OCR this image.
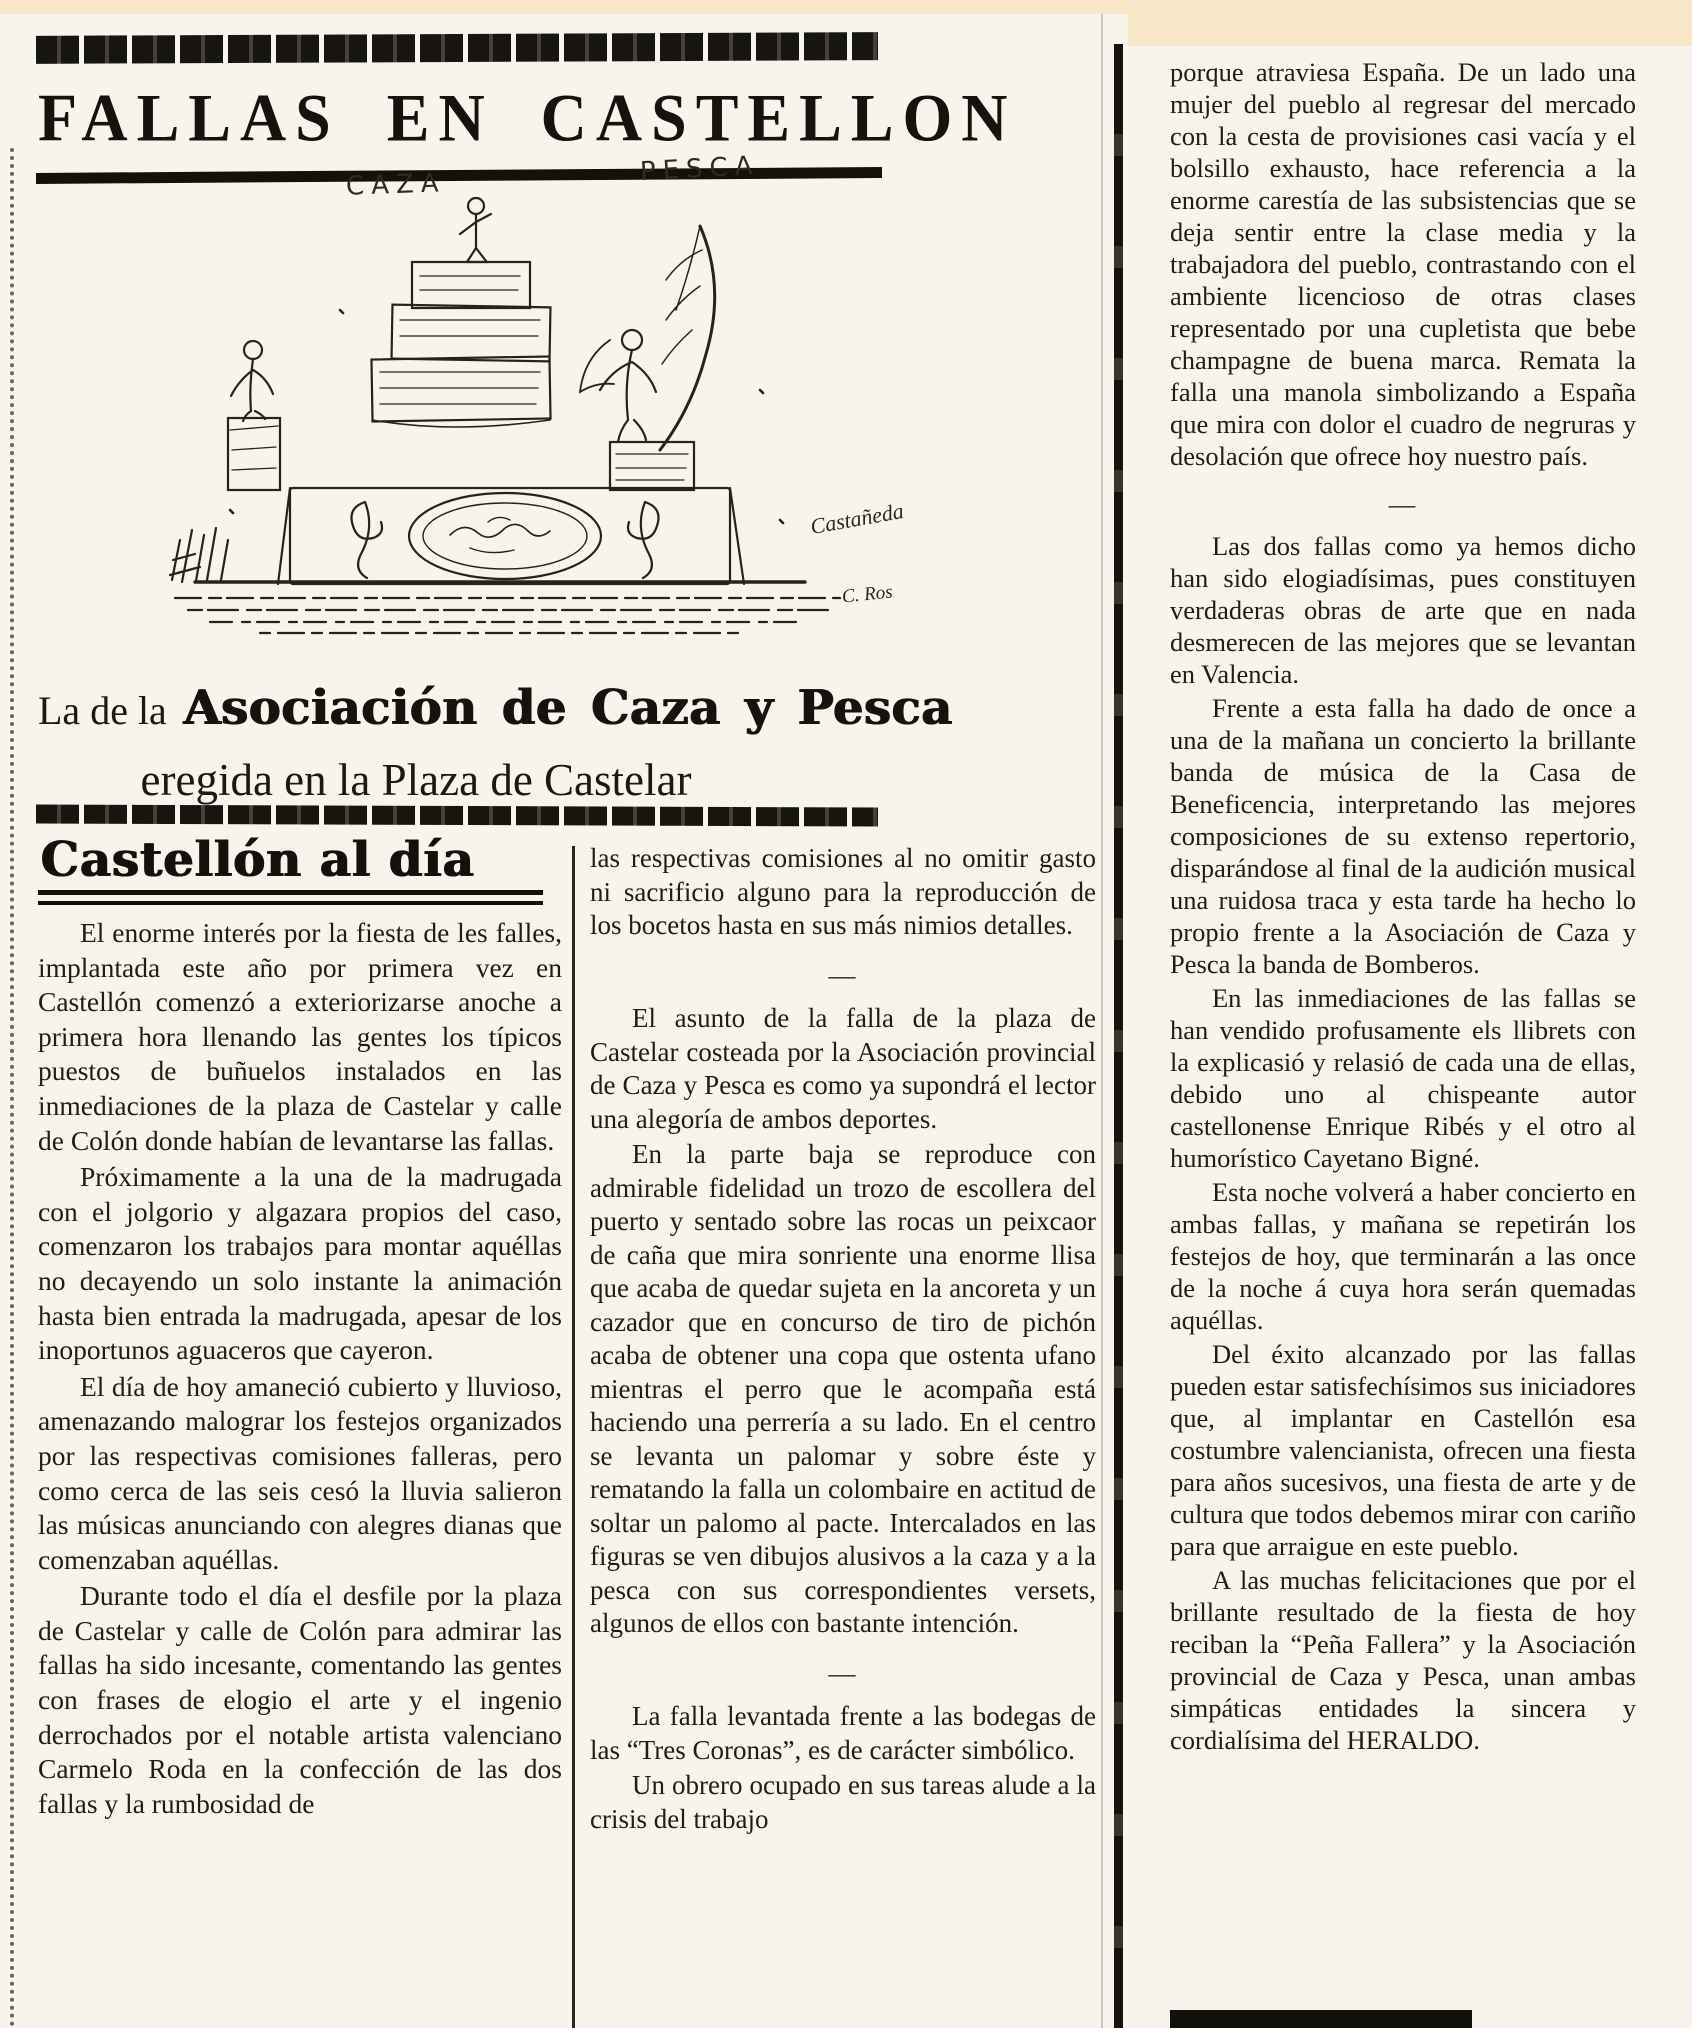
FALLAS EN CASTELLON
CAZA	PESCA
Castañeda
C. Ros
La de la Asociación de Caza y Pesca
eregida en la Plaza de Castelar
Castellón al día

El enorme interés por la fiesta de les falles, implantada este año por primera vez en Castellón comenzó a exteriorizarse anoche a primera hora llenando las gentes los típicos puestos de buñuelos instalados en las inmediaciones de la plaza de Castelar y calle de Colón donde habían de levantarse las fallas.

Próximamente a la una de la madrugada con el jolgorio y algazara propios del caso, comenzaron los trabajos para montar aquéllas no decayendo un solo instante la animación hasta bien entrada la madrugada, apesar de los inoportunos aguaceros que cayeron.

El día de hoy amaneció cubierto y lluvioso, amenazando malograr los festejos organizados por las respectivas comisiones falleras, pero como cerca de las seis cesó la lluvia salieron las músicas anunciando con alegres dianas que comenzaban aquéllas.

Durante todo el día el desfile por la plaza de Castelar y calle de Colón para admirar las fallas ha sido incesante, comentando las gentes con frases de elogio el arte y el ingenio derrochados por el notable artista valenciano Carmelo Roda en la confección de las dos fallas y la rumbosidad de

las respectivas comisiones al no omitir gasto ni sacrificio alguno para la reproducción de los bocetos hasta en sus más nimios detalles.

—

El asunto de la falla de la plaza de Castelar costeada por la Asociación provincial de Caza y Pesca es como ya supondrá el lector una alegoría de ambos deportes.

En la parte baja se reproduce con admirable fidelidad un trozo de escollera del puerto y sentado sobre las rocas un peixcaor de caña que mira sonriente una enorme llisa que acaba de quedar sujeta en la ancoreta y un cazador que en concurso de tiro de pichón acaba de obtener una copa que ostenta ufano mientras el perro que le acompaña está haciendo una perrería a su lado. En el centro se levanta un palomar y sobre éste y rematando la falla un colombaire en actitud de soltar un palomo al pacte. Intercalados en las figuras se ven dibujos alusivos a la caza y a la pesca con sus correspondientes versets, algunos de ellos con bastante intención.

—

La falla levantada frente a las bodegas de las “Tres Coronas”, es de carácter simbólico.

Un obrero ocupado en sus tareas alude a la crisis del trabajo

porque atraviesa España. De un lado una mujer del pueblo al regresar del mercado con la cesta de provisiones casi vacía y el bolsillo exhausto, hace referencia a la enorme carestía de las subsistencias que se deja sentir entre la clase media y la trabajadora del pueblo, contrastando con el ambiente licencioso de otras clases representado por una cupletista que bebe champagne de buena marca. Remata la falla una manola simbolizando a España que mira con dolor el cuadro de negruras y desolación que ofrece hoy nuestro país.

—

Las dos fallas como ya hemos dicho han sido elogiadísimas, pues constituyen verdaderas obras de arte que en nada desmerecen de las mejores que se levantan en Valencia.

Frente a esta falla ha dado de once a una de la mañana un concierto la brillante banda de música de la Casa de Beneficencia, interpretando las mejores composiciones de su extenso repertorio, disparándose al final de la audición musical una ruidosa traca y esta tarde ha hecho lo propio frente a la Asociación de Caza y Pesca la banda de Bomberos.

En las inmediaciones de las fallas se han vendido profusamente els llibrets con la explicasió y relasió de cada una de ellas, debido uno al chispeante autor castellonense Enrique Ribés y el otro al humorístico Cayetano Bigné.

Esta noche volverá a haber concierto en ambas fallas, y mañana se repetirán los festejos de hoy, que terminarán a las once de la noche á cuya hora serán quemadas aquéllas.

Del éxito alcanzado por las fallas pueden estar satisfechísimos sus iniciadores que, al implantar en Castellón esa costumbre valencianista, ofrecen una fiesta para años sucesivos, una fiesta de arte y de cultura que todos debemos mirar con cariño para que arraigue en este pueblo.

A las muchas felicitaciones que por el brillante resultado de la fiesta de hoy reciban la “Peña Fallera” y la Asociación provincial de Caza y Pesca, unan ambas simpáticas entidades la sincera y cordialísima del HERALDO.
